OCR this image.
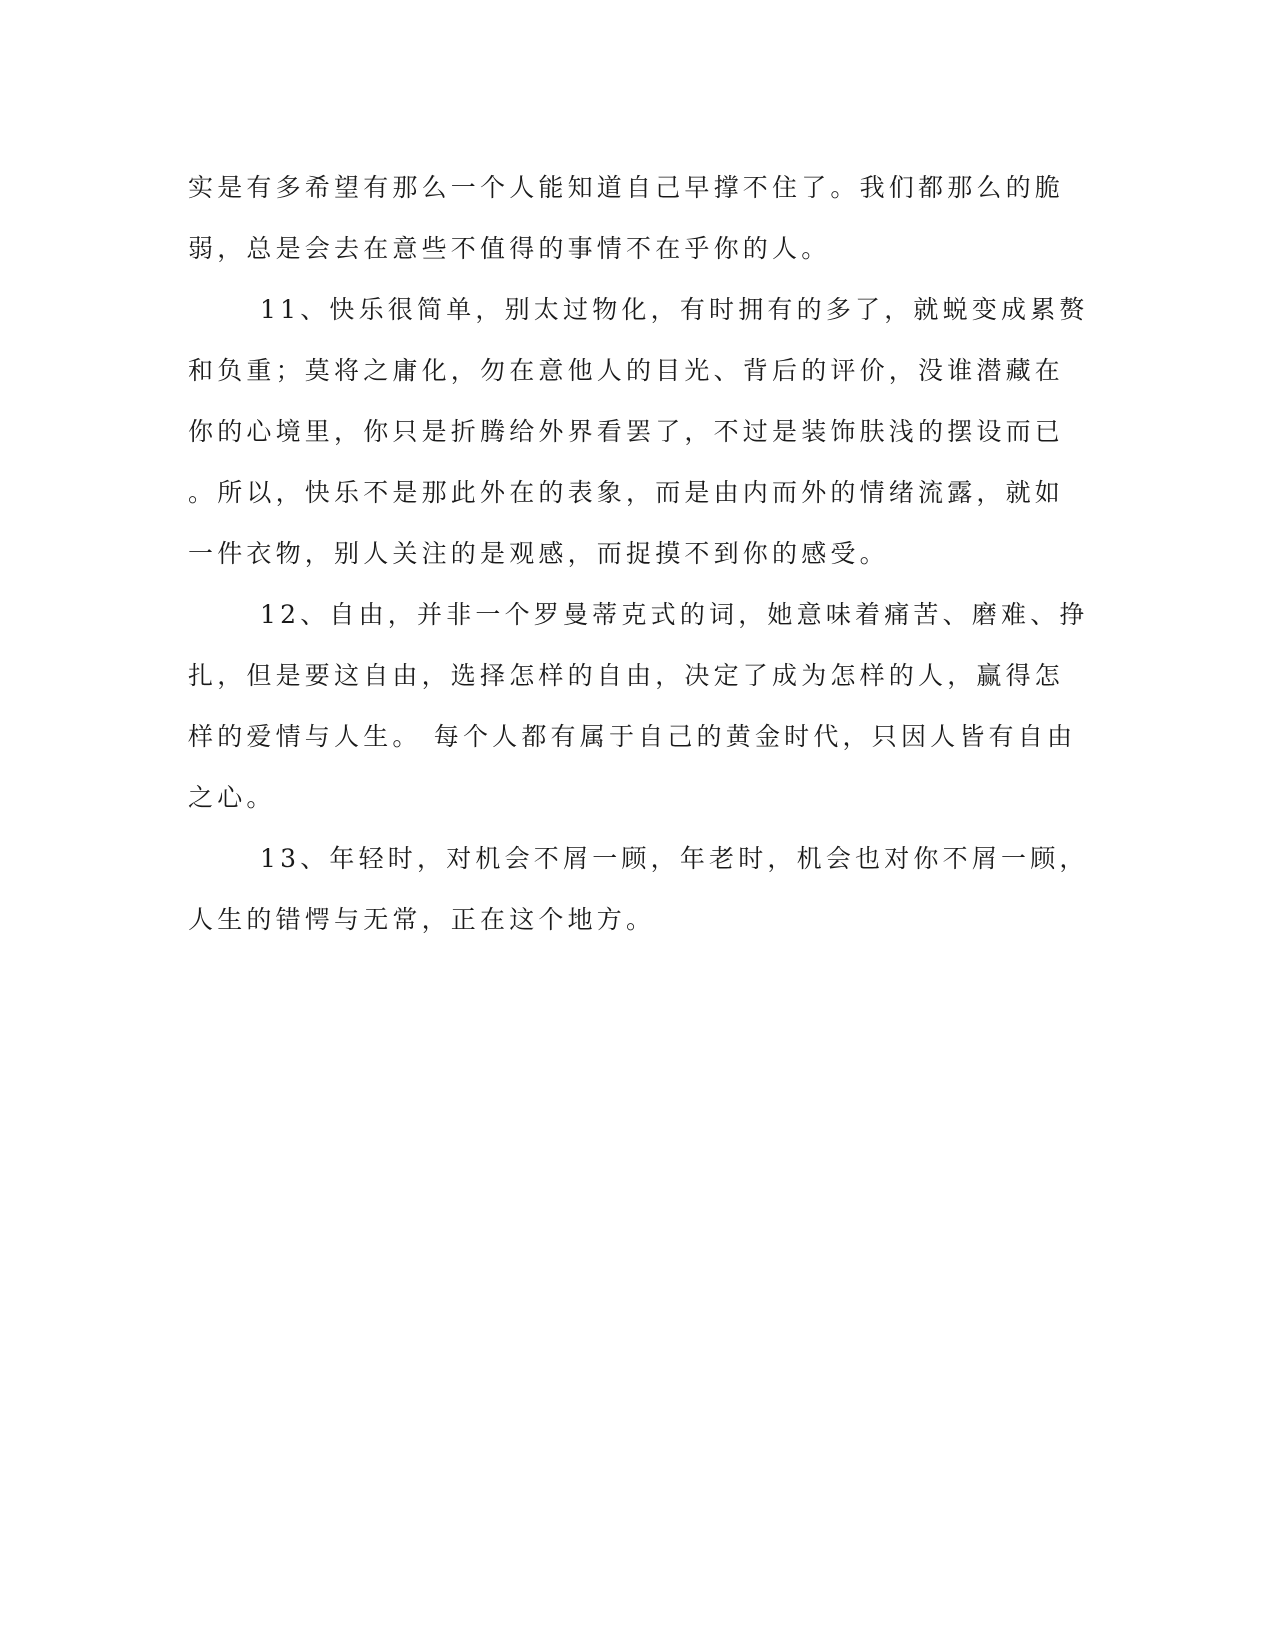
实是有多希望有那么一个人能知道自己早撑不住了。我们都那么的脆
弱，总是会去在意些不值得的事情不在乎你的人。
11、快乐很简单，别太过物化，有时拥有的多了，就蜕变成累赘
和负重；莫将之庸化，勿在意他人的目光、背后的评价，没谁潜藏在
你的心境里，你只是折腾给外界看罢了，不过是装饰肤浅的摆设而已
。所以，快乐不是那此外在的表象，而是由内而外的情绪流露，就如
一件衣物，别人关注的是观感，而捉摸不到你的感受。
12、自由，并非一个罗曼蒂克式的词，她意味着痛苦、磨难、挣
扎，但是要这自由，选择怎样的自由，决定了成为怎样的人，赢得怎
样的爱情与人生。 每个人都有属于自己的黄金时代，只因人皆有自由
之心。
13、年轻时，对机会不屑一顾，年老时，机会也对你不屑一顾，
人生的错愕与无常，正在这个地方。
